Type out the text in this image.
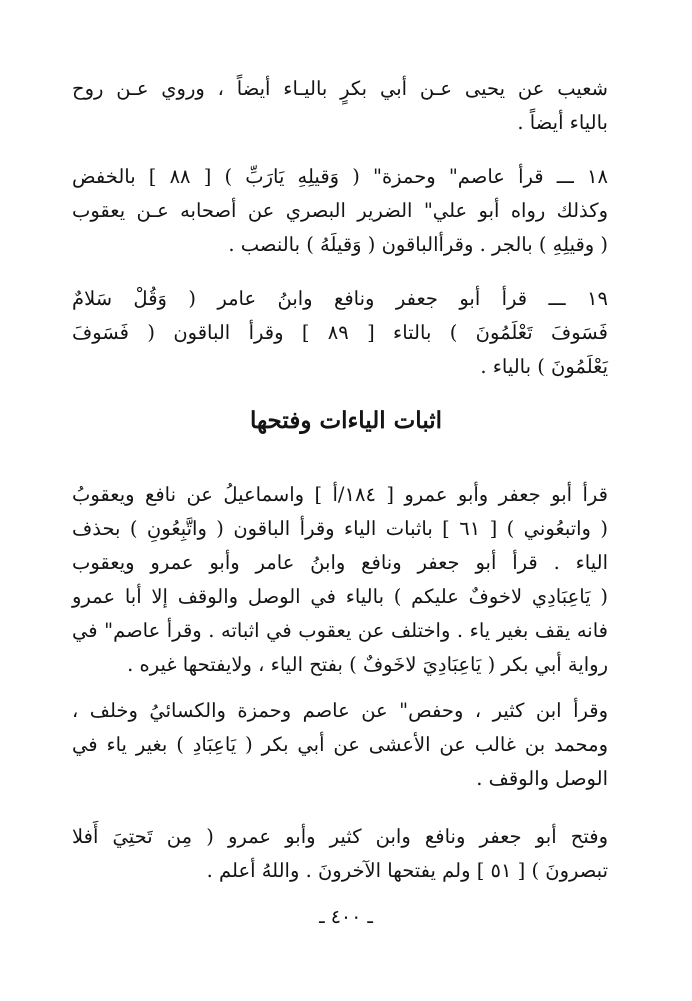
شعيب عن يحيى عـن أبي بكرٍ باليـاء أيضاً ، وروي عـن روح
بالياء أيضاً .
١٨ ـــ قرأ عاصم" وحمزة" ( وَقيلِهِ يَارَبِّ ) [ ٨٨ ] بالخفض
وكذلك رواه أبو علي" الضرير البصري عن أصحابه عـن يعقوب
( وقيلِهِ ) بالجر . وقرأالباقون ( وَقيلَهُ ) بالنصب .
١٩ ـــ قرأ أبو جعفر ونافع وابنُ عامر ( وَقُلْ سَلامٌ
فَسَوفَ تَعْلَمُونَ ) بالتاء [ ٨٩ ] وقرأ الباقون ( فَسَوفَ
يَعْلَمُونَ ) بالياء .
اثبات الياءات وفتحها
قرأ أبو جعفر وأبو عمرو [ ١٨٤/أ ] واسماعيلُ عن نافع ويعقوبُ
( واتبعُوني ) [ ٦١ ] باثبات الياء وقرأ الباقون ( واتَّبِعُونِ ) بحذف
الياء . قرأ أبو جعفر ونافع وابنُ عامر وأبو عمرو ويعقوب
( يَاعِبَادِي لاخوفٌ عليكم ) بالياء في الوصل والوقف إلا أبا عمرو
فانه يقف بغير ياء . واختلف عن يعقوب في اثباته . وقرأ عاصم" في
رواية أبي بكر ( يَاعِبَادِيَ لاخَوفٌ ) بفتح الياء ، ولايفتحها غيره .
وقرأ ابن كثير ، وحفص" عن عاصم وحمزة والكسائيُ وخلف ،
ومحمد بن غالب عن الأعشى عن أبي بكر ( يَاعِبَادِ ) بغير ياء في
الوصل والوقف .
وفتح أبو جعفر ونافع وابن كثير وأبو عمرو ( مِن تَحتِيَ أَفلا
تبصرونَ ) [ ٥١ ] ولم يفتحها الآخرونَ . واللهُ أعلم .
ـ ٤٠٠ ـ
